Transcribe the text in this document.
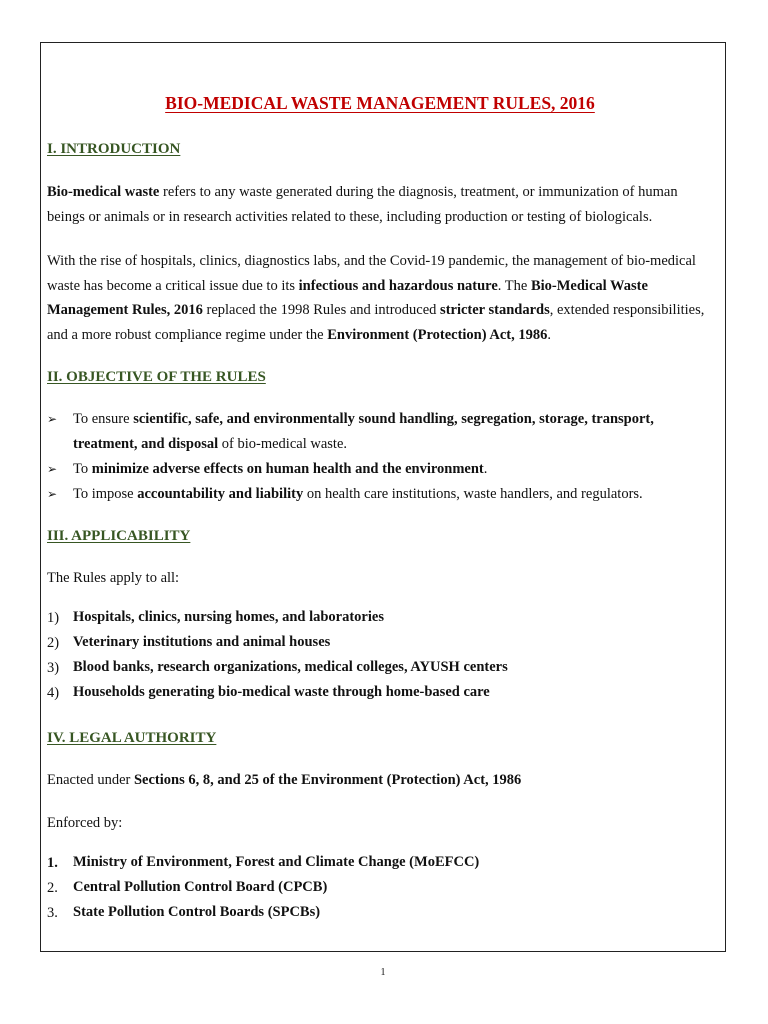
BIO-MEDICAL WASTE MANAGEMENT RULES, 2016
I. INTRODUCTION
Bio-medical waste refers to any waste generated during the diagnosis, treatment, or immunization of human beings or animals or in research activities related to these, including production or testing of biologicals.
With the rise of hospitals, clinics, diagnostics labs, and the Covid-19 pandemic, the management of bio-medical waste has become a critical issue due to its infectious and hazardous nature. The Bio-Medical Waste Management Rules, 2016 replaced the 1998 Rules and introduced stricter standards, extended responsibilities, and a more robust compliance regime under the Environment (Protection) Act, 1986.
II. OBJECTIVE OF THE RULES
➢ To ensure scientific, safe, and environmentally sound handling, segregation, storage, transport, treatment, and disposal of bio-medical waste.
➢ To minimize adverse effects on human health and the environment.
➢ To impose accountability and liability on health care institutions, waste handlers, and regulators.
III. APPLICABILITY
The Rules apply to all:
1) Hospitals, clinics, nursing homes, and laboratories
2) Veterinary institutions and animal houses
3) Blood banks, research organizations, medical colleges, AYUSH centers
4) Households generating bio-medical waste through home-based care
IV. LEGAL AUTHORITY
Enacted under Sections 6, 8, and 25 of the Environment (Protection) Act, 1986
Enforced by:
1. Ministry of Environment, Forest and Climate Change (MoEFCC)
2. Central Pollution Control Board (CPCB)
3. State Pollution Control Boards (SPCBs)
1
